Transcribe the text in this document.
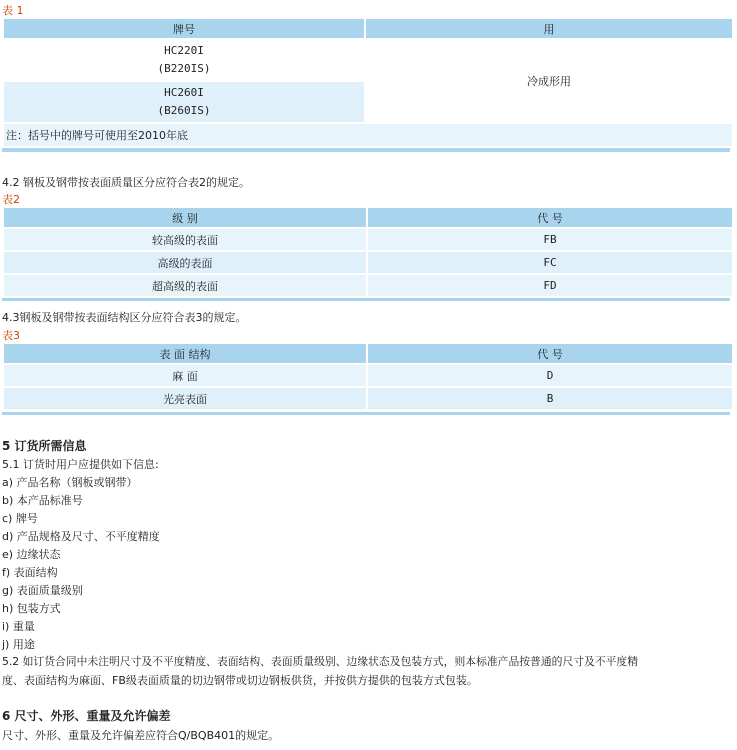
表 1
牌号	用

HC220I
(B220IS)	冷成形用

HC260I
(B260IS)	

注：括号中的牌号可使用至2010年底	
4.2 钢板及钢带按表面质量区分应符合表2的规定。
表2
级 别	代 号
较高级的表面	FB
高级的表面	FC
超高级的表面	FD
4.3钢板及钢带按表面结构区分应符合表3的规定。
表3
表 面 结构	代 号
麻 面	D
光亮表面	B
5 订货所需信息
5.1 订货时用户应提供如下信息:
a) 产品名称（钢板或钢带）
b) 本产品标准号
c) 牌号
d) 产品规格及尺寸、不平度精度
e) 边缘状态
f) 表面结构
g) 表面质量级别
h) 包装方式
i) 重量
j) 用途
5.2 如订货合同中未注明尺寸及不平度精度、表面结构、表面质量级别、边缘状态及包装方式，则本标准产品按普通的尺寸及不平度精
度、表面结构为麻面、FB级表面质量的切边钢带或切边钢板供货，并按供方提供的包装方式包装。
6 尺寸、外形、重量及允许偏差
尺寸、外形、重量及允许偏差应符合Q/BQB401的规定。
